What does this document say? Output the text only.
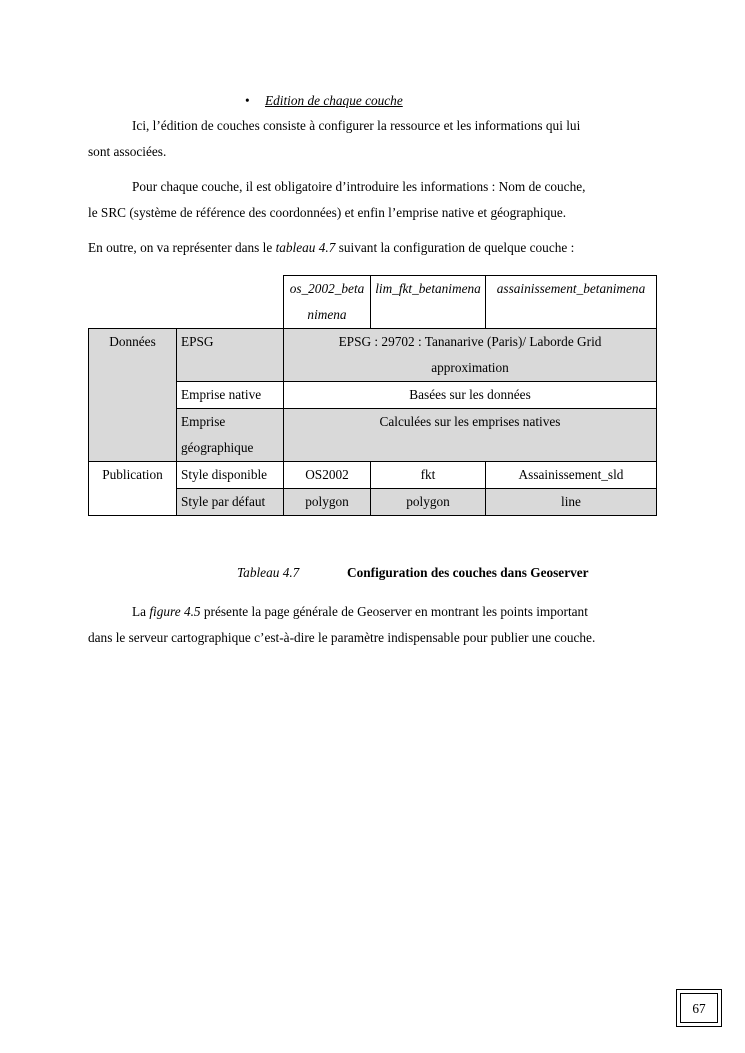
• Edition de chaque couche
Ici, l’édition de couches consiste à configurer la ressource et les informations qui lui
sont associées.
Pour chaque couche, il est obligatoire d’introduire les informations : Nom de couche,
le SRC (système de référence des coordonnées) et enfin l’emprise native et géographique.
En outre, on va représenter dans le tableau 4.7 suivant la configuration de quelque couche :
		os_2002_betanimena	lim_fkt_betanimena	assainissement_betanimena
Données	EPSG	EPSG : 29702 : Tananarive (Paris)/ Laborde Grid approximation		
	Emprise native	Basées sur les données		
	Emprise géographique	Calculées sur les emprises natives		
Publication	Style disponible	OS2002	fkt	Assainissement_sld
	Style par défaut	polygon	polygon	line
Tableau 4.7	Configuration des couches dans Geoserver
La figure 4.5 présente la page générale de Geoserver en montrant les points important
dans le serveur cartographique c’est-à-dire le paramètre indispensable pour publier une couche.
67
